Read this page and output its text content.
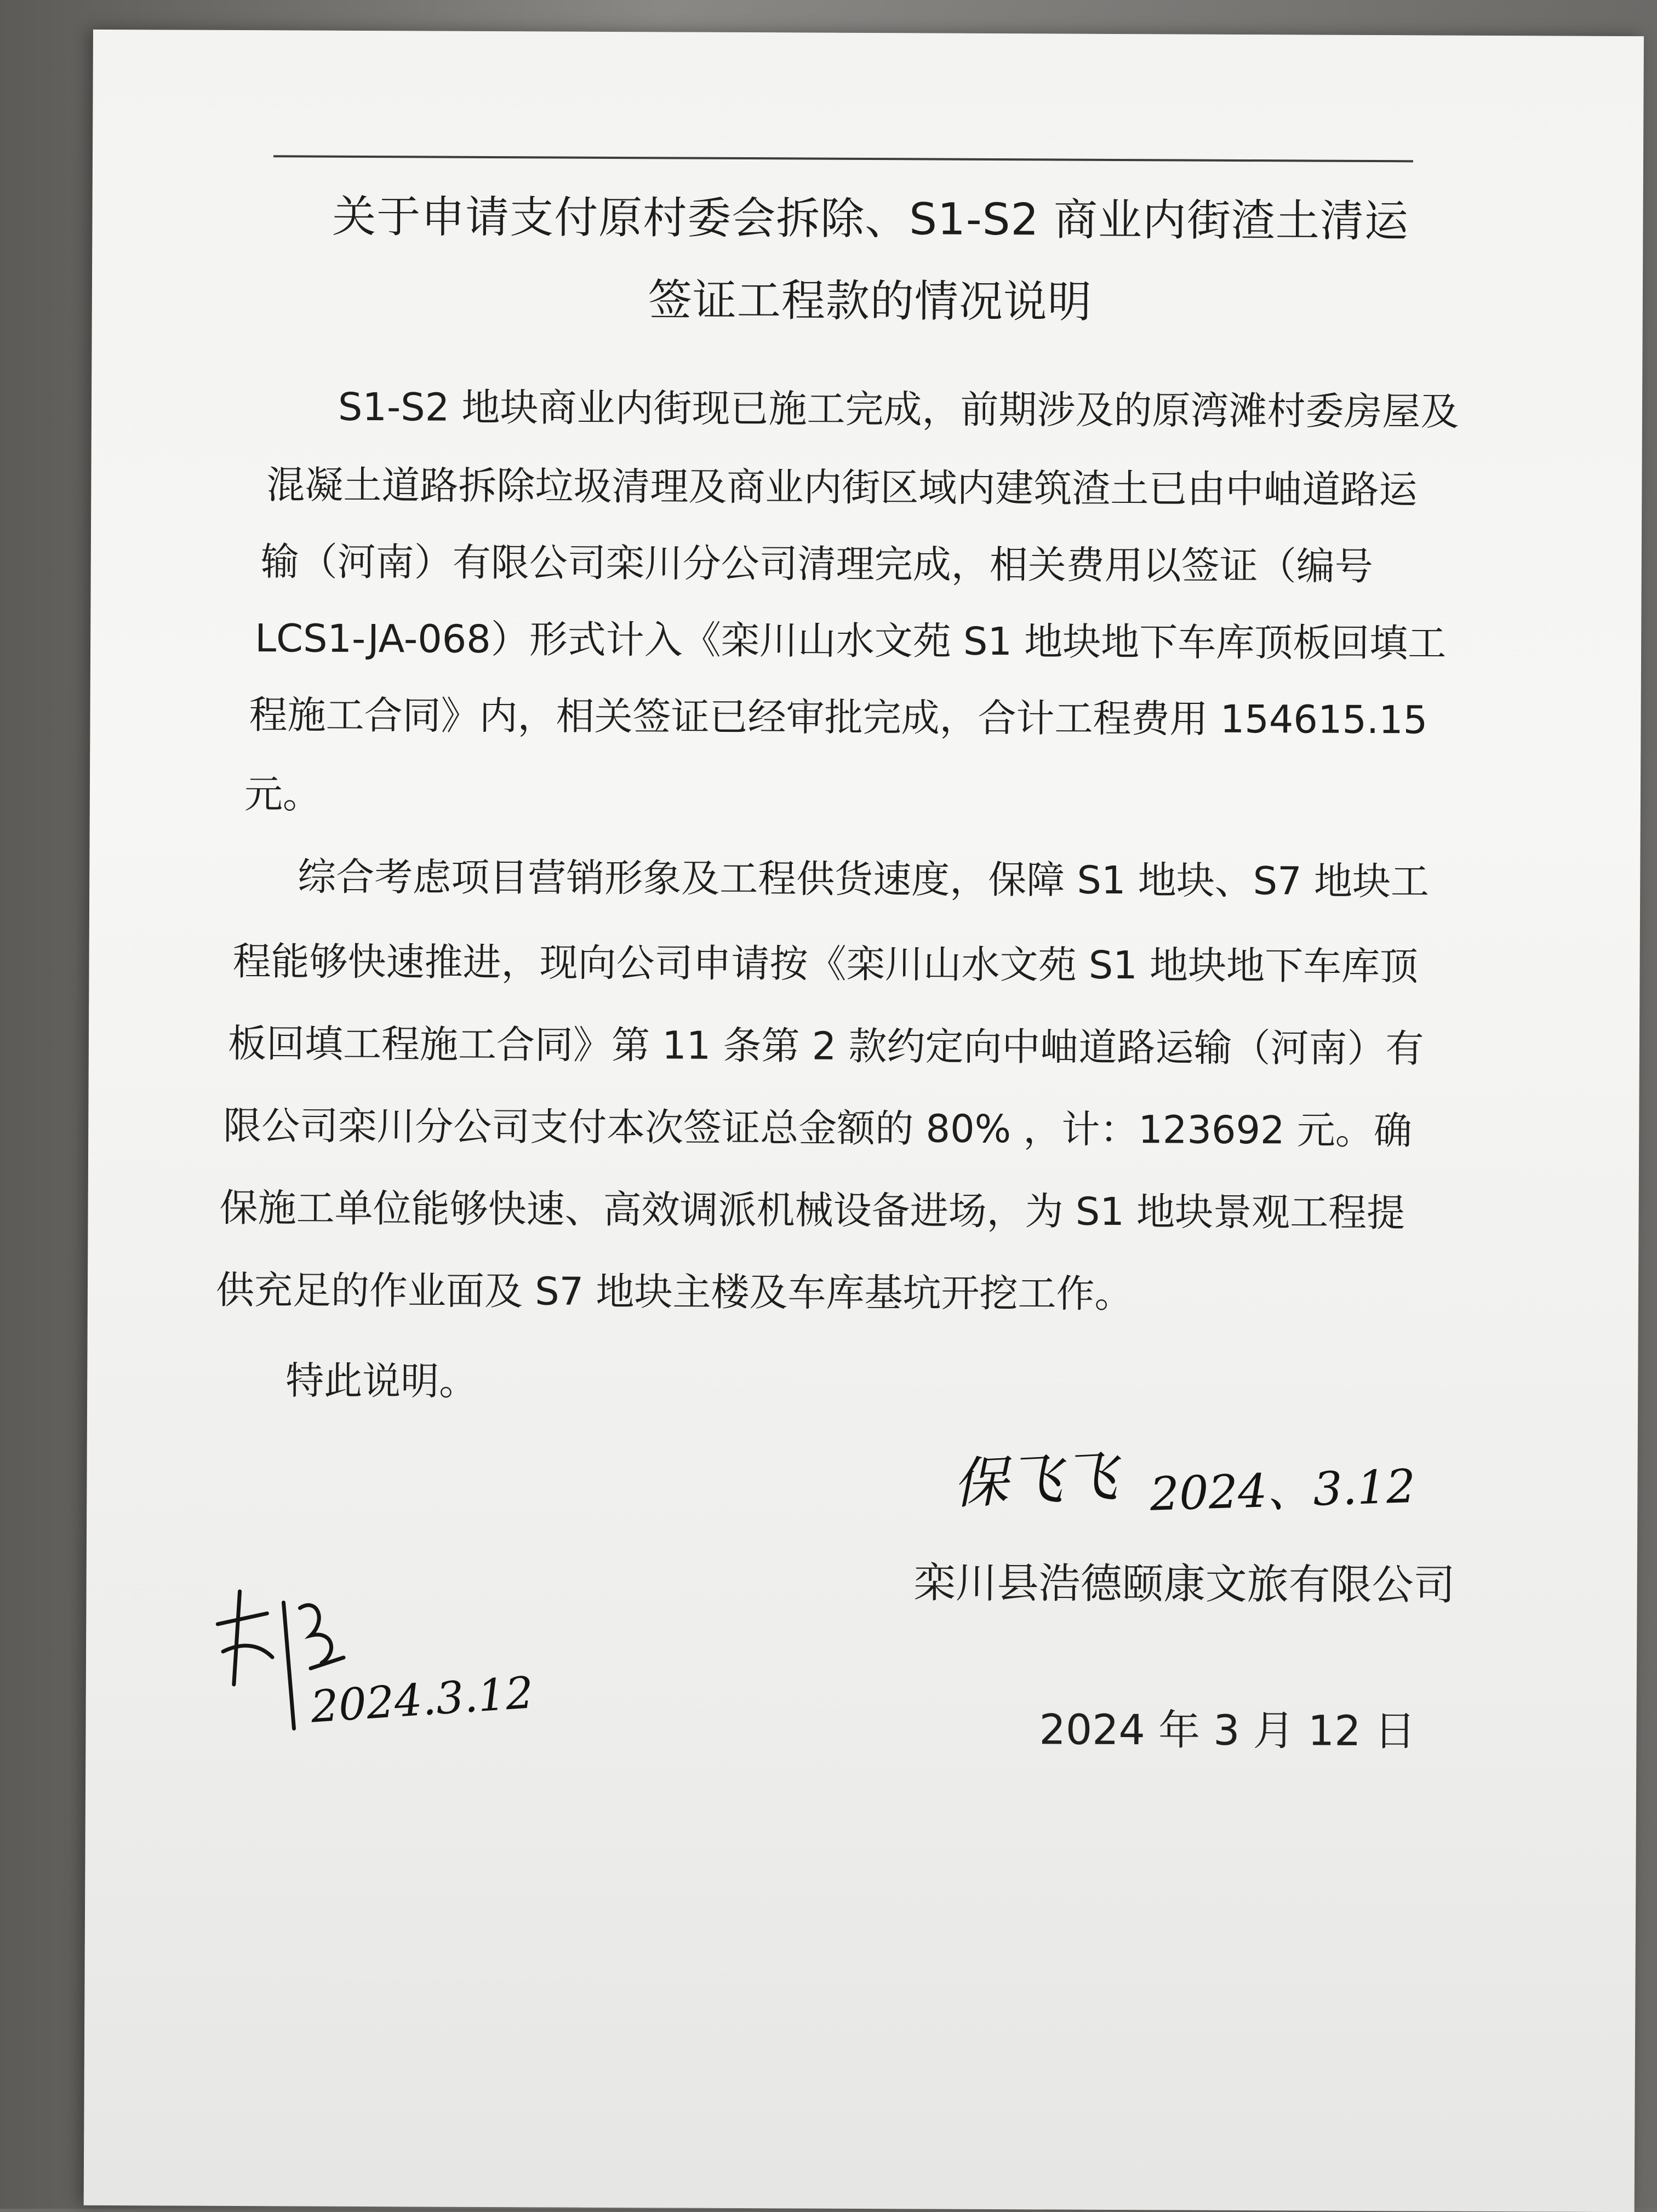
关于申请支付原村委会拆除、S1-S2 商业内街渣土清运
签证工程款的情况说明
S1-S2 地块商业内街现已施工完成，前期涉及的原湾滩村委房屋及
混凝土道路拆除垃圾清理及商业内街区域内建筑渣土已由中岫道路运
输（河南）有限公司栾川分公司清理完成，相关费用以签证（编号
LCS1-JA-068）形式计入《栾川山水文苑 S1 地块地下车库顶板回填工
程施工合同》内，相关签证已经审批完成，合计工程费用 154615.15
元。
综合考虑项目营销形象及工程供货速度，保障 S1 地块、S7 地块工
程能够快速推进，现向公司申请按《栾川山水文苑 S1 地块地下车库顶
板回填工程施工合同》第 11 条第 2 款约定向中岫道路运输（河南）有
限公司栾川分公司支付本次签证总金额的 80% ，计：123692 元。确
保施工单位能够快速、高效调派机械设备进场，为 S1 地块景观工程提
供充足的作业面及 S7 地块主楼及车库基坑开挖工作。
特此说明。
保飞飞 2024、3.12
栾川县浩德颐康文旅有限公司
2024.3.12	2024 年 3 月 12 日
